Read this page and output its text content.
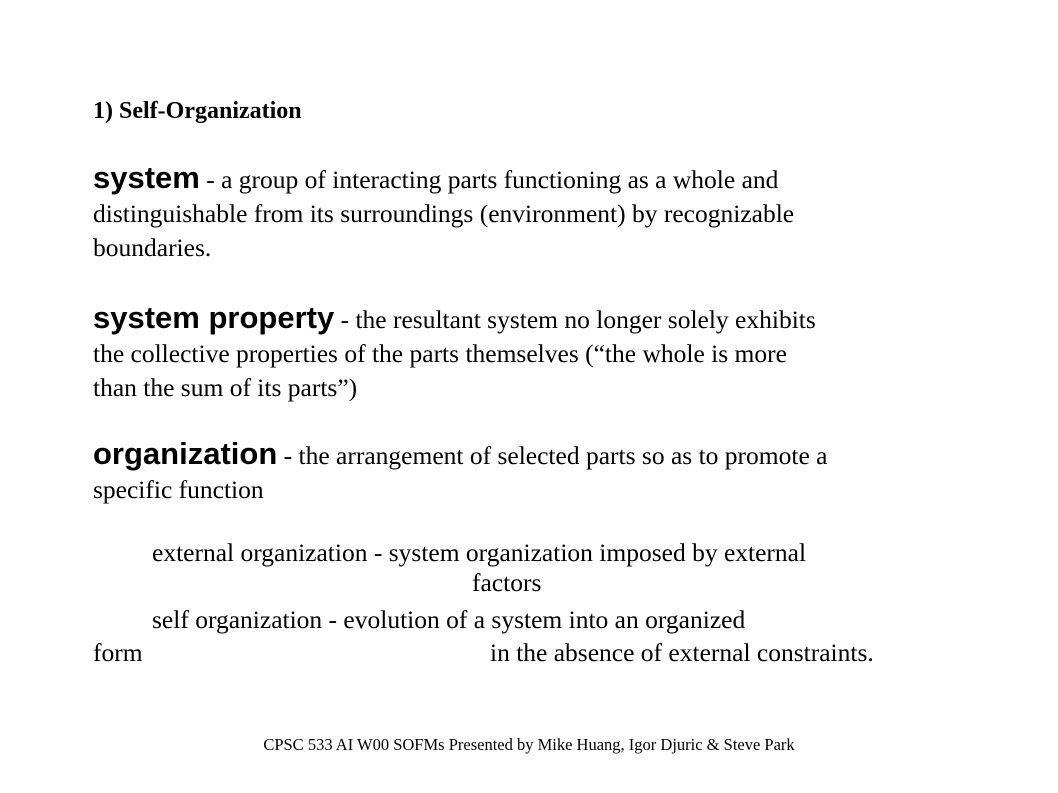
1) Self-Organization
system - a group of interacting parts functioning as a whole and
distinguishable from its surroundings (environment) by recognizable
boundaries.
system property - the resultant system no longer solely exhibits
the collective properties of the parts themselves (“the whole is more
than the sum of its parts”)
organization - the arrangement of selected parts so as to promote a
specific function
external organization - system organization imposed by external
factors
self organization - evolution of a system into an organized
form	in the absence of external constraints.
CPSC 533 AI W00 SOFMs Presented by Mike Huang, Igor Djuric & Steve Park
